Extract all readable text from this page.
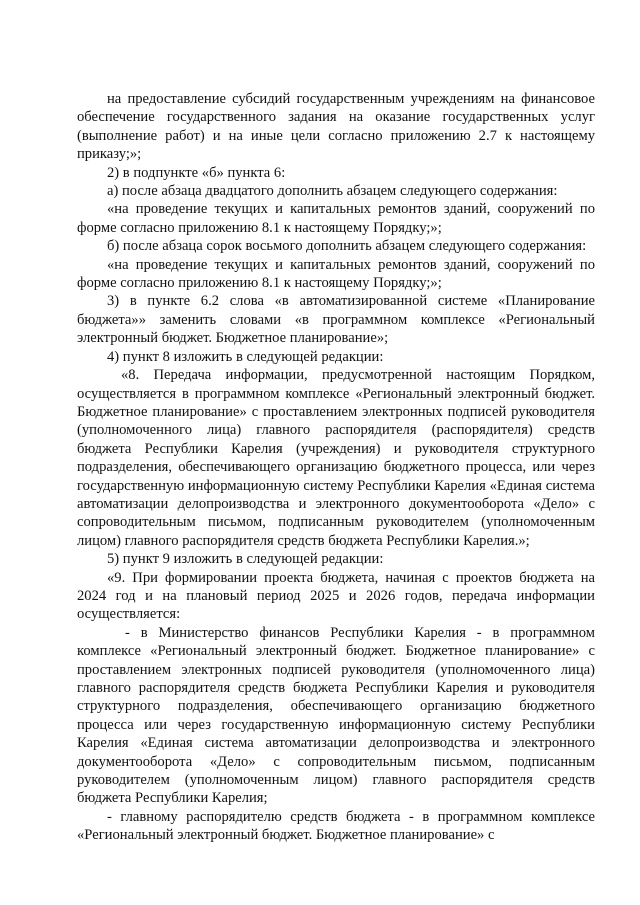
на предоставление субсидий государственным учреждениям на финансовое обеспечение государственного задания на оказание государственных услуг (выполнение работ) и на иные цели согласно приложению 2.7 к настоящему приказу;»;

2) в подпункте «б» пункта 6:

а) после абзаца двадцатого дополнить абзацем следующего содержания:

«на проведение текущих и капитальных ремонтов зданий, сооружений по форме согласно приложению 8.1 к настоящему Порядку;»;

б) после абзаца сорок восьмого дополнить абзацем следующего содержания:

«на проведение текущих и капитальных ремонтов зданий, сооружений по форме согласно приложению 8.1 к настоящему Порядку;»;

3) в пункте 6.2 слова «в автоматизированной системе «Планирование бюджета»» заменить словами «в программном комплексе «Региональный электронный бюджет. Бюджетное планирование»;

4) пункт 8 изложить в следующей редакции:

«8. Передача информации, предусмотренной настоящим Порядком, осуществляется в программном комплексе «Региональный электронный бюджет. Бюджетное планирование» с проставлением электронных подписей руководителя (уполномоченного лица) главного распорядителя (распорядителя) средств бюджета Республики Карелия (учреждения) и руководителя структурного подразделения, обеспечивающего организацию бюджетного процесса, или через государственную информационную систему Республики Карелия «Единая система автоматизации делопроизводства и электронного документооборота «Дело» с сопроводительным письмом, подписанным руководителем (уполномоченным лицом) главного распорядителя средств бюджета Республики Карелия.»;

5) пункт 9 изложить в следующей редакции:

«9. При формировании проекта бюджета, начиная с проектов бюджета на 2024 год и на плановый период 2025 и 2026 годов, передача информации осуществляется:

- в Министерство финансов Республики Карелия - в программном комплексе «Региональный электронный бюджет. Бюджетное планирование» с проставлением электронных подписей руководителя (уполномоченного лица) главного распорядителя средств бюджета Республики Карелия и руководителя структурного подразделения, обеспечивающего организацию бюджетного процесса или через государственную информационную систему Республики Карелия «Единая система автоматизации делопроизводства и электронного документооборота «Дело» с сопроводительным письмом, подписанным руководителем (уполномоченным лицом) главного распорядителя средств бюджета Республики Карелия;

- главному распорядителю средств бюджета - в программном комплексе «Региональный электронный бюджет. Бюджетное планирование» с
